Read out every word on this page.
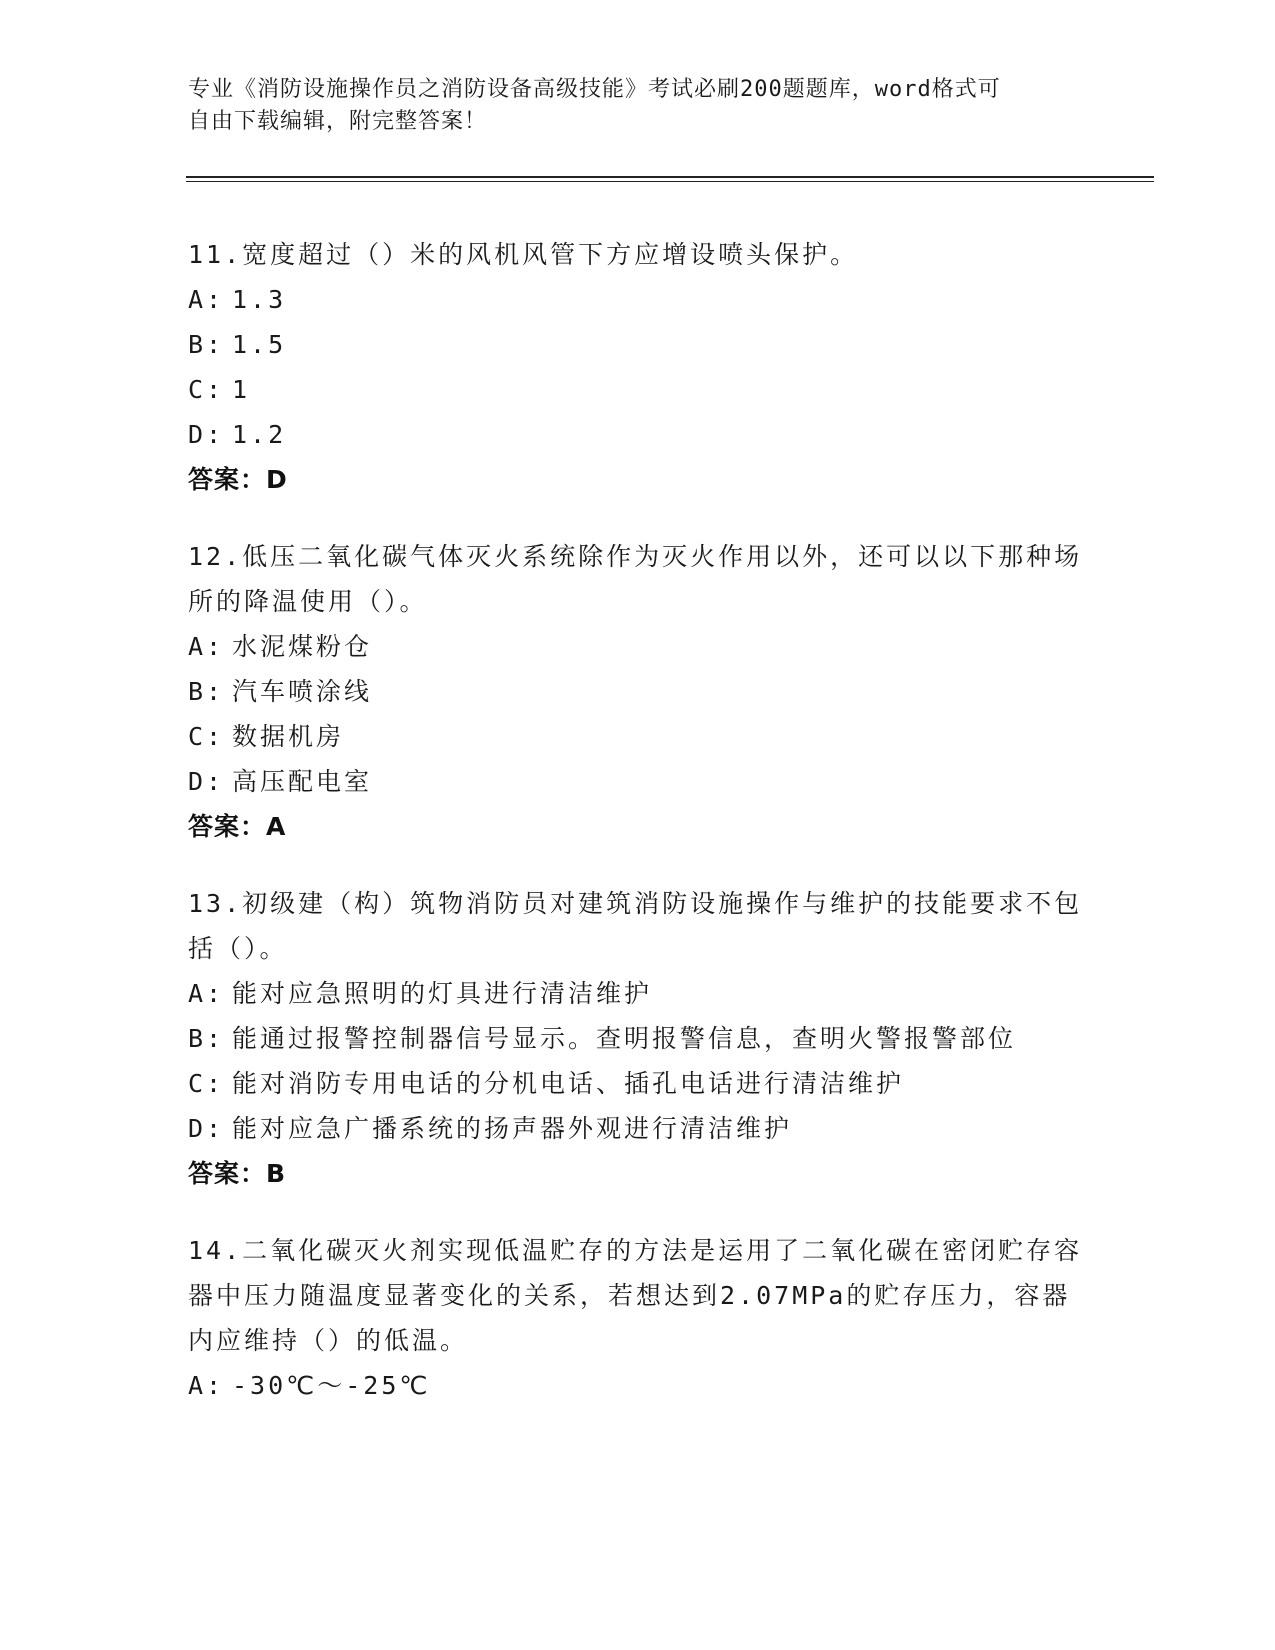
专业《消防设施操作员之消防设备高级技能》考试必刷200题题库，word格式可
自由下载编辑，附完整答案！
11.宽度超过（）米的风机风管下方应增设喷头保护。
A: 1.3
B: 1.5
C: 1
D: 1.2
答案：D
12.低压二氧化碳气体灭火系统除作为灭火作用以外，还可以以下那种场所的降温使用（）。
A: 水泥煤粉仓
B: 汽车喷涂线
C: 数据机房
D: 高压配电室
答案：A
13.初级建（构）筑物消防员对建筑消防设施操作与维护的技能要求不包括（）。
A: 能对应急照明的灯具进行清洁维护
B: 能通过报警控制器信号显示。查明报警信息，查明火警报警部位
C: 能对消防专用电话的分机电话、插孔电话进行清洁维护
D: 能对应急广播系统的扬声器外观进行清洁维护
答案：B
14.二氧化碳灭火剂实现低温贮存的方法是运用了二氧化碳在密闭贮存容器中压力随温度显著变化的关系，若想达到2.07MPa的贮存压力，容器内应维持（）的低温。
A: -30℃～-25℃
